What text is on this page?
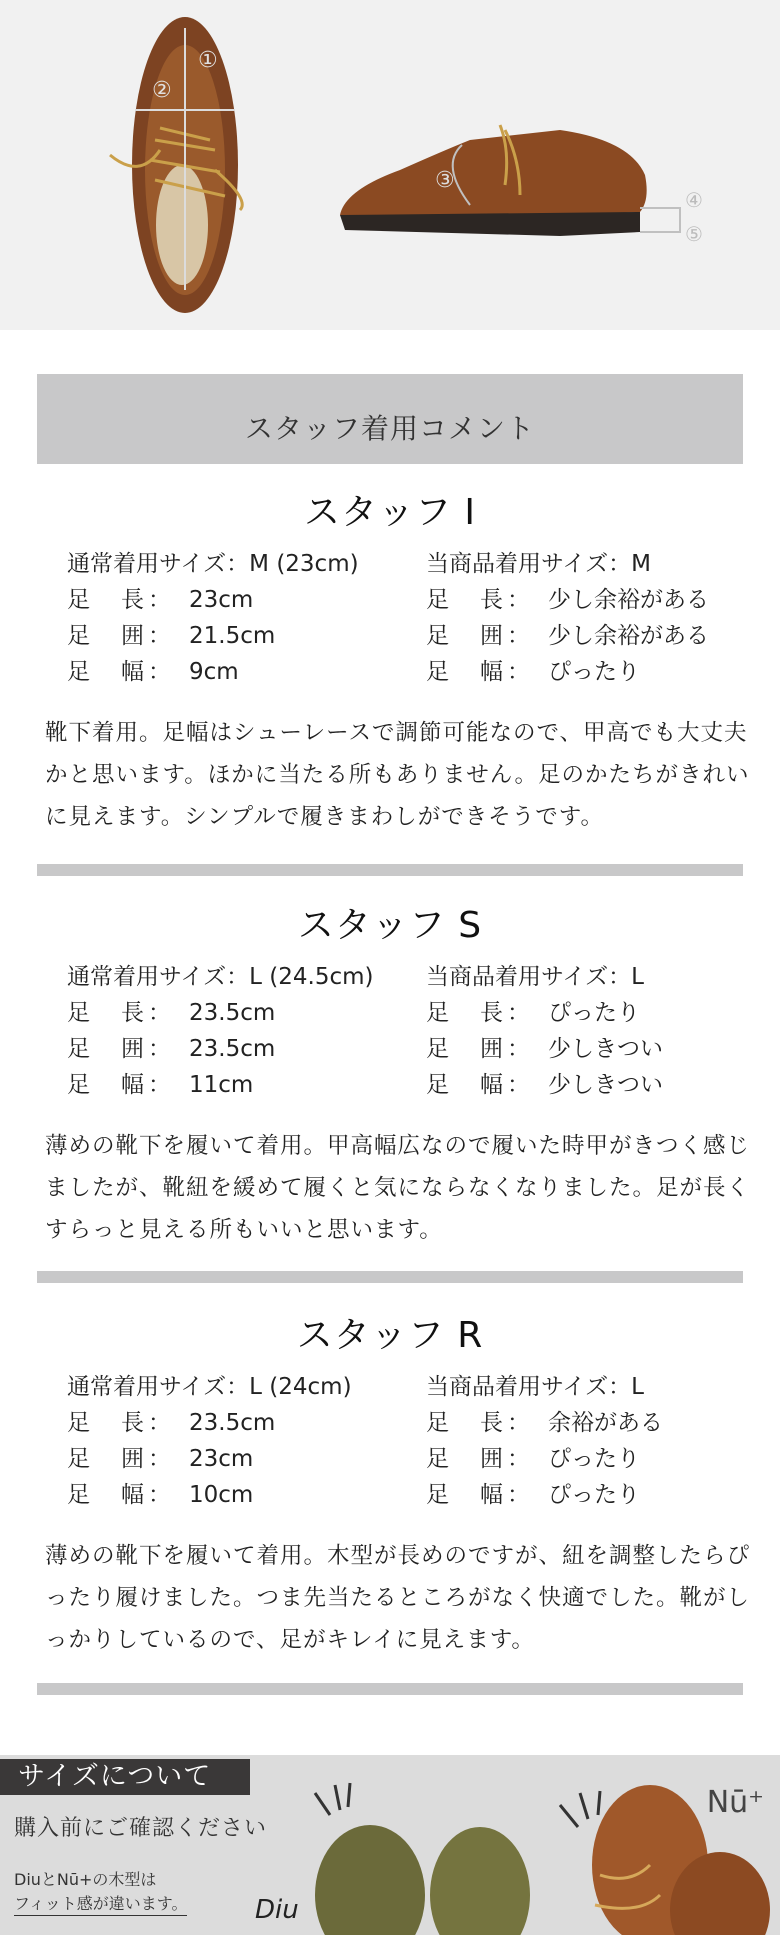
①
②
③
④
⑤
スタッフ着用コメント
スタッフ I
通常着用サイズ：M (23cm)
足　長： 23cm
足　囲： 21.5cm
足　幅： 9cm
当商品着用サイズ：M
足　長： 少し余裕がある
足　囲： 少し余裕がある
足　幅： ぴったり

靴下着用。足幅はシューレースで調節可能なので、甲高でも大丈夫かと思います。ほかに当たる所もありません。足のかたちがきれいに見えます。シンプルで履きまわしができそうです。

スタッフ S
通常着用サイズ：L (24.5cm)
足　長： 23.5cm
足　囲： 23.5cm
足　幅： 11cm
当商品着用サイズ：L
足　長： ぴったり
足　囲： 少しきつい
足　幅： 少しきつい

薄めの靴下を履いて着用。甲高幅広なので履いた時甲がきつく感じましたが、靴紐を緩めて履くと気にならなくなりました。足が長くすらっと見える所もいいと思います。

スタッフ R
通常着用サイズ：L (24cm)
足　長： 23.5cm
足　囲： 23cm
足　幅： 10cm
当商品着用サイズ：L
足　長： 余裕がある
足　囲： ぴったり
足　幅： ぴったり

薄めの靴下を履いて着用。木型が長めのですが、紐を調整したらぴったり履けました。つま先当たるところがなく快適でした。靴がしっかりしているので、足がキレイに見えます。

サイズについて
購入前にご確認ください
DiuとNū+の木型は
フィット感が違います。
Nū⁺
Diu
